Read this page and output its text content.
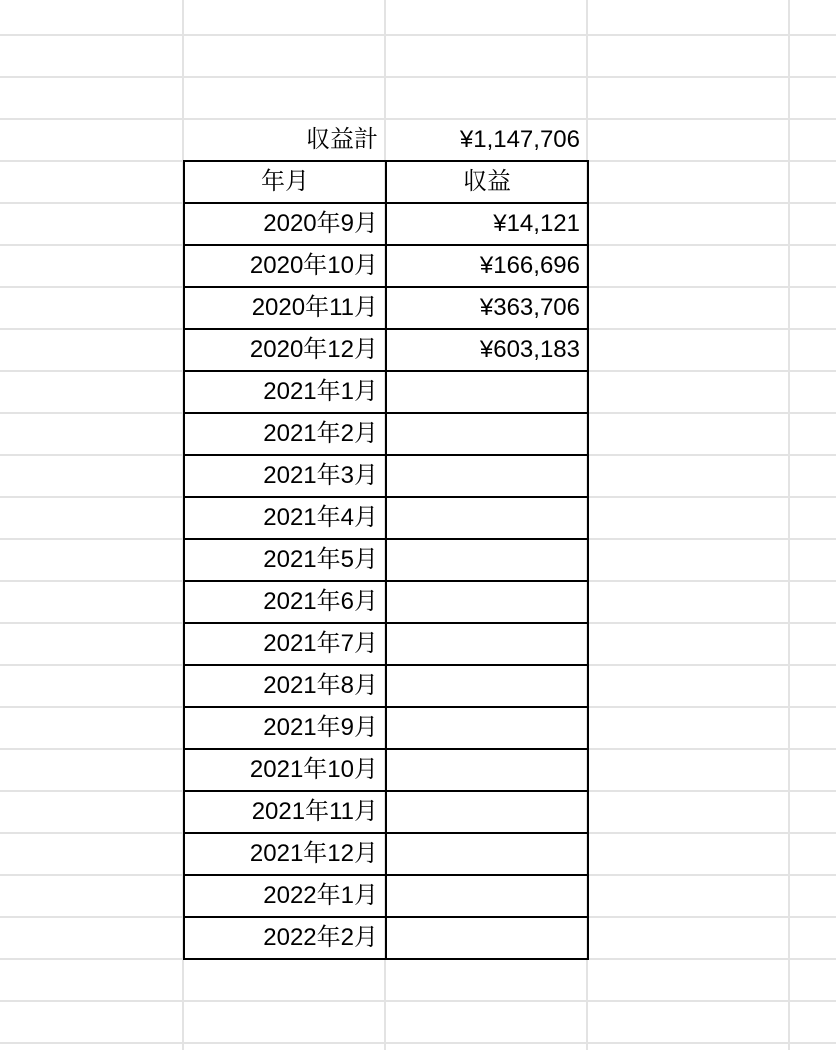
収益計	¥1,147,706
年月	収益
2020年9月	¥14,121
2020年10月	¥166,696
2020年11月	¥363,706
2020年12月	¥603,183
2021年1月	
2021年2月	
2021年3月	
2021年4月	
2021年5月	
2021年6月	
2021年7月	
2021年8月	
2021年9月	
2021年10月	
2021年11月	
2021年12月	
2022年1月	
2022年2月	
